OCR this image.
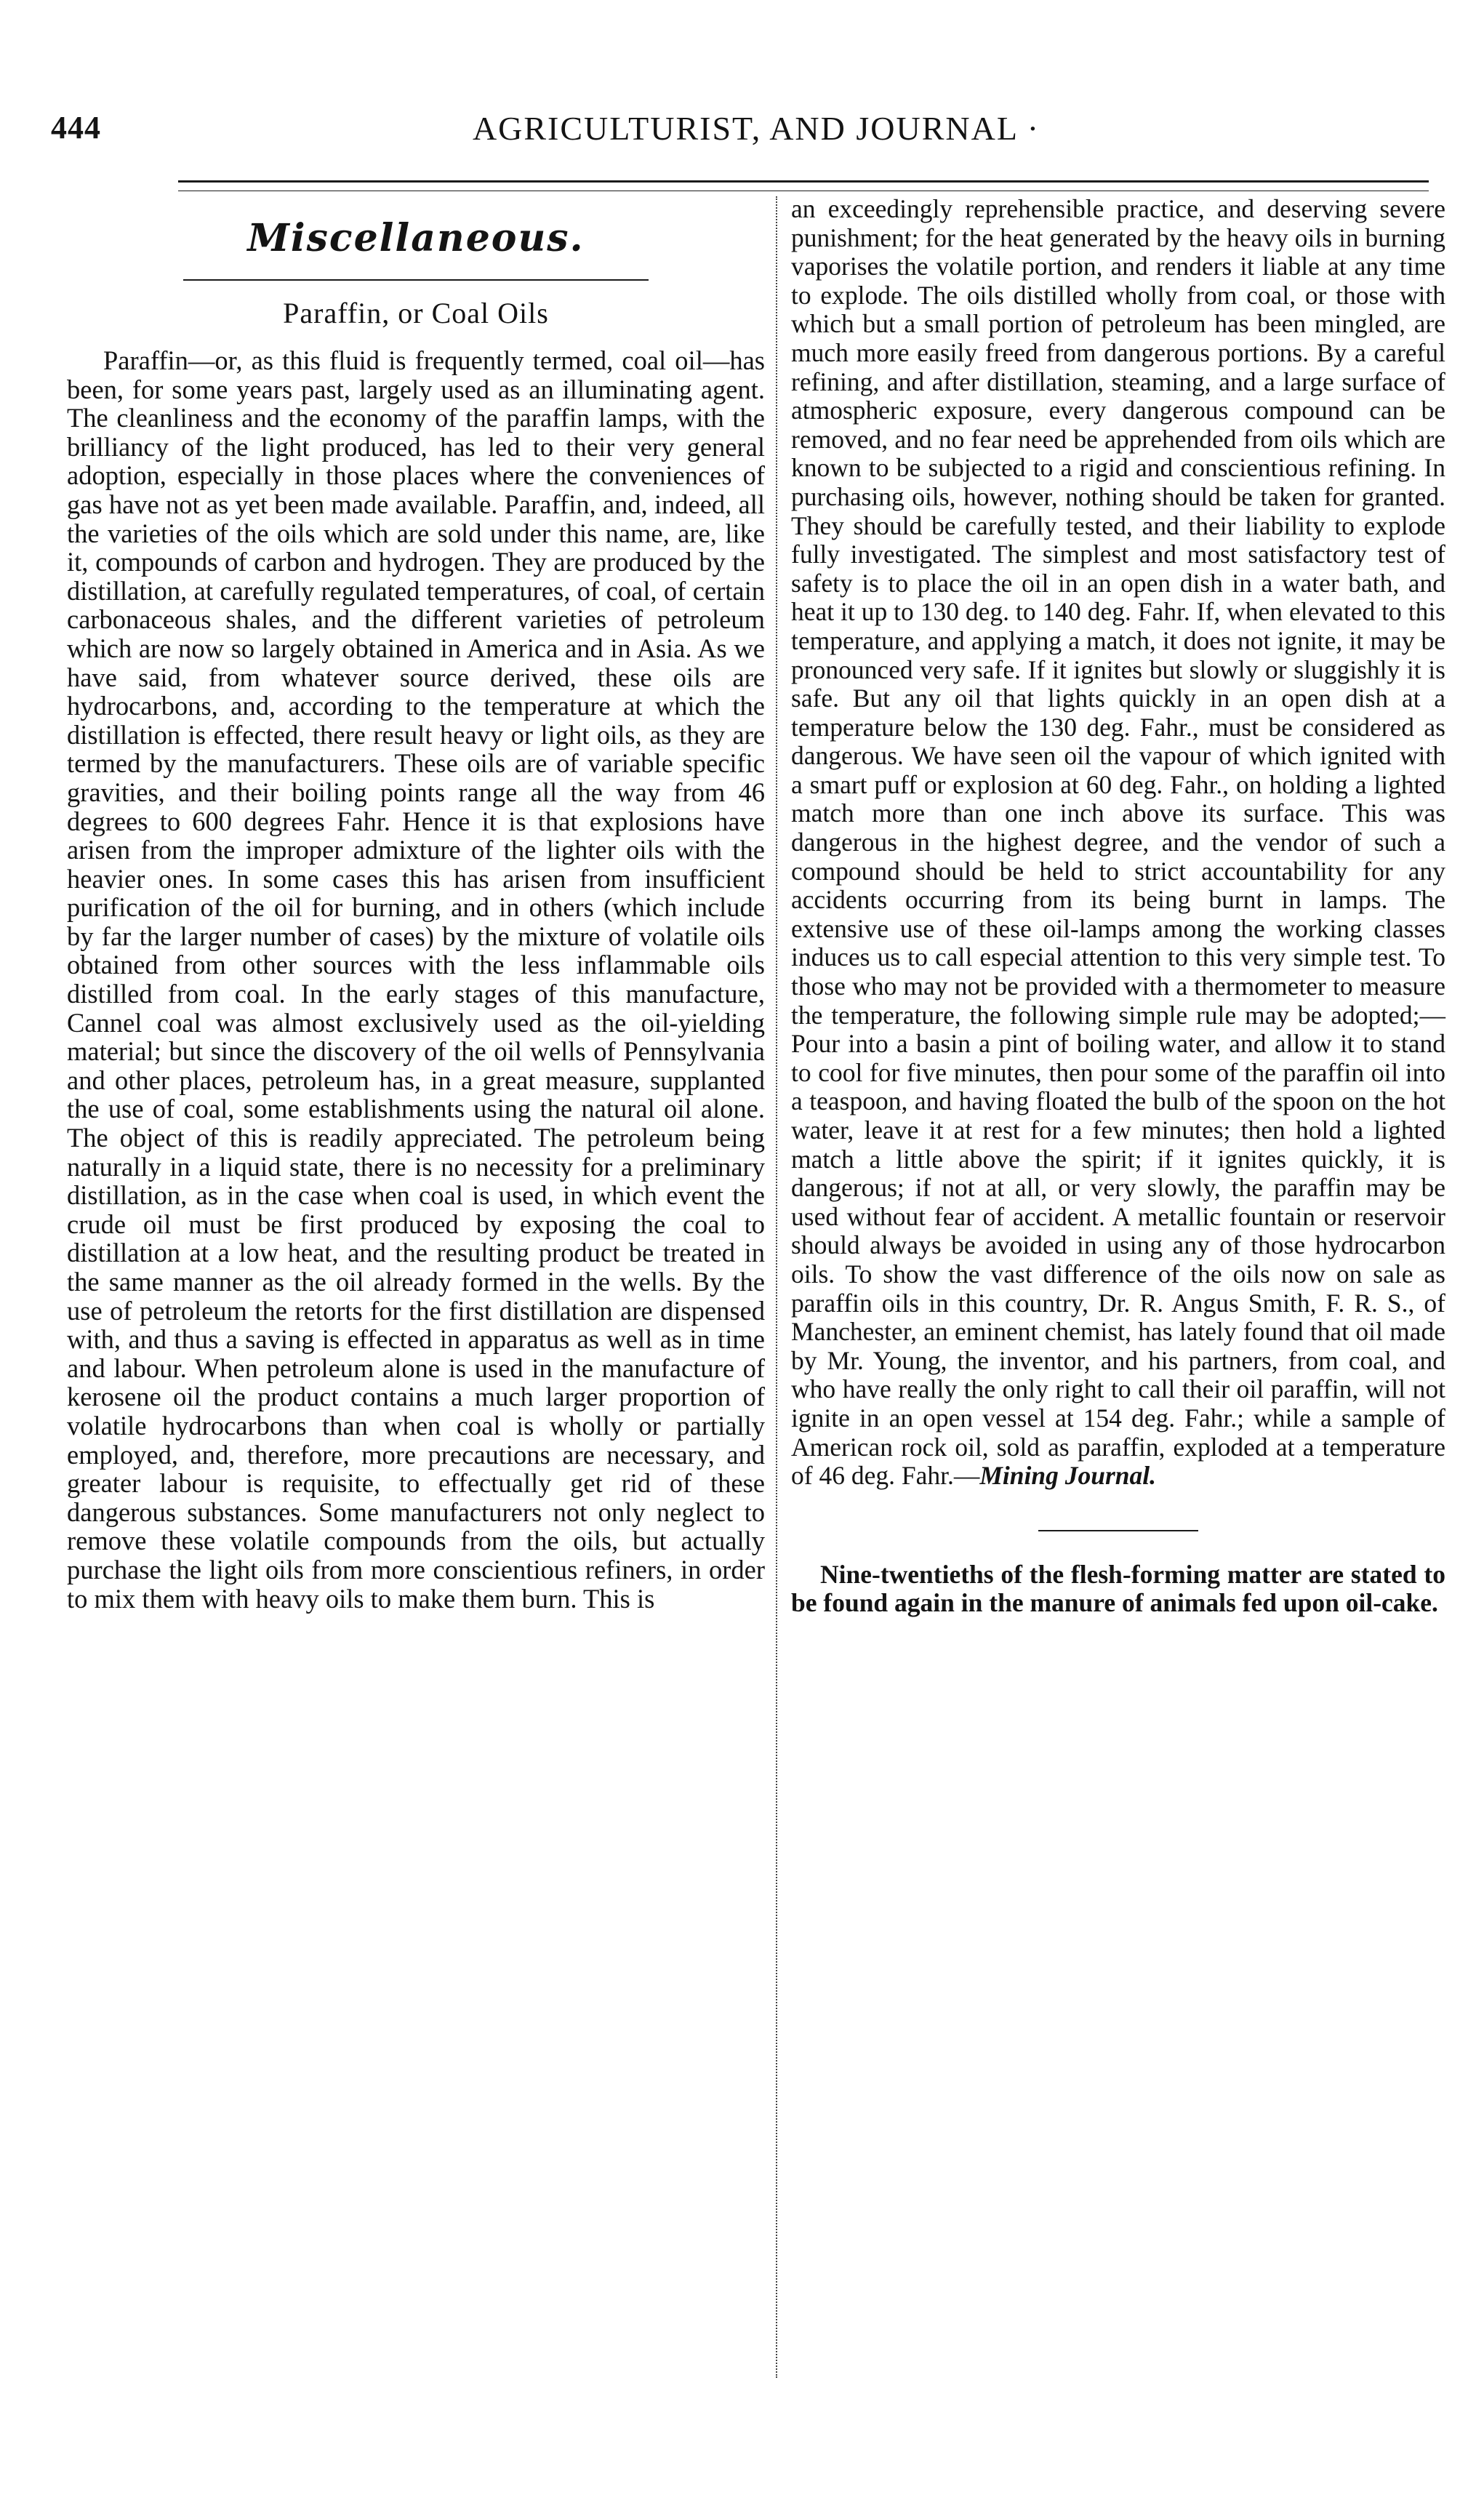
444	AGRICULTURIST, AND JOURNAL ·
Miscellaneous.
Paraffin, or Coal Oils

Paraffin—or, as this fluid is frequently termed, coal oil—has been, for some years past, largely used as an illuminating agent. The cleanliness and the economy of the paraffin lamps, with the brilliancy of the light produced, has led to their very general adoption, especially in those places where the conveniences of gas have not as yet been made available. Paraffin, and, indeed, all the varieties of the oils which are sold under this name, are, like it, compounds of carbon and hydrogen. They are produced by the distillation, at carefully regulated temperatures, of coal, of certain carbonaceous shales, and the different varieties of petroleum which are now so largely obtained in America and in Asia. As we have said, from whatever source derived, these oils are hydrocarbons, and, according to the temperature at which the distillation is effected, there result heavy or light oils, as they are termed by the manufacturers. These oils are of variable specific gravities, and their boiling points range all the way from 46 degrees to 600 degrees Fahr. Hence it is that explosions have arisen from the improper admixture of the lighter oils with the heavier ones. In some cases this has arisen from insufficient purification of the oil for burning, and in others (which include by far the larger number of cases) by the mixture of volatile oils obtained from other sources with the less inflammable oils distilled from coal. In the early stages of this manufacture, Cannel coal was almost exclusively used as the oil-yielding material; but since the discovery of the oil wells of Pennsylvania and other places, petroleum has, in a great measure, supplanted the use of coal, some establishments using the natural oil alone. The object of this is readily appreciated. The petroleum being naturally in a liquid state, there is no necessity for a preliminary distillation, as in the case when coal is used, in which event the crude oil must be first produced by exposing the coal to distillation at a low heat, and the resulting product be treated in the same manner as the oil already formed in the wells. By the use of petroleum the retorts for the first distillation are dispensed with, and thus a saving is effected in apparatus as well as in time and labour. When petroleum alone is used in the manufacture of kerosene oil the product contains a much larger proportion of volatile hydrocarbons than when coal is wholly or partially employed, and, therefore, more precautions are necessary, and greater labour is requisite, to effectually get rid of these dangerous substances. Some manufacturers not only neglect to remove these volatile compounds from the oils, but actually purchase the light oils from more conscientious refiners, in order to mix them with heavy oils to make them burn. This is

an exceedingly reprehensible practice, and deserving severe punishment; for the heat generated by the heavy oils in burning vaporises the volatile portion, and renders it liable at any time to explode. The oils distilled wholly from coal, or those with which but a small portion of petroleum has been mingled, are much more easily freed from dangerous portions. By a careful refining, and after distillation, steaming, and a large surface of atmospheric exposure, every dangerous compound can be removed, and no fear need be apprehended from oils which are known to be subjected to a rigid and conscientious refining. In purchasing oils, however, nothing should be taken for granted. They should be carefully tested, and their liability to explode fully investigated. The simplest and most satisfactory test of safety is to place the oil in an open dish in a water bath, and heat it up to 130 deg. to 140 deg. Fahr. If, when elevated to this temperature, and applying a match, it does not ignite, it may be pronounced very safe. If it ignites but slowly or sluggishly it is safe. But any oil that lights quickly in an open dish at a temperature below the 130 deg. Fahr., must be considered as dangerous. We have seen oil the vapour of which ignited with a smart puff or explosion at 60 deg. Fahr., on holding a lighted match more than one inch above its surface. This was dangerous in the highest degree, and the vendor of such a compound should be held to strict accountability for any accidents occurring from its being burnt in lamps. The extensive use of these oil-lamps among the working classes induces us to call especial attention to this very simple test. To those who may not be provided with a thermometer to measure the temperature, the following simple rule may be adopted;—Pour into a basin a pint of boiling water, and allow it to stand to cool for five minutes, then pour some of the paraffin oil into a teaspoon, and having floated the bulb of the spoon on the hot water, leave it at rest for a few minutes; then hold a lighted match a little above the spirit; if it ignites quickly, it is dangerous; if not at all, or very slowly, the paraffin may be used without fear of accident. A metallic fountain or reservoir should always be avoided in using any of those hydrocarbon oils. To show the vast difference of the oils now on sale as paraffin oils in this country, Dr. R. Angus Smith, F. R. S., of Manchester, an eminent chemist, has lately found that oil made by Mr. Young, the inventor, and his partners, from coal, and who have really the only right to call their oil paraffin, will not ignite in an open vessel at 154 deg. Fahr.; while a sample of American rock oil, sold as paraffin, exploded at a temperature of 46 deg. Fahr.—Mining Journal.

Nine-twentieths of the flesh-forming matter are stated to be found again in the manure of animals fed upon oil-cake.
